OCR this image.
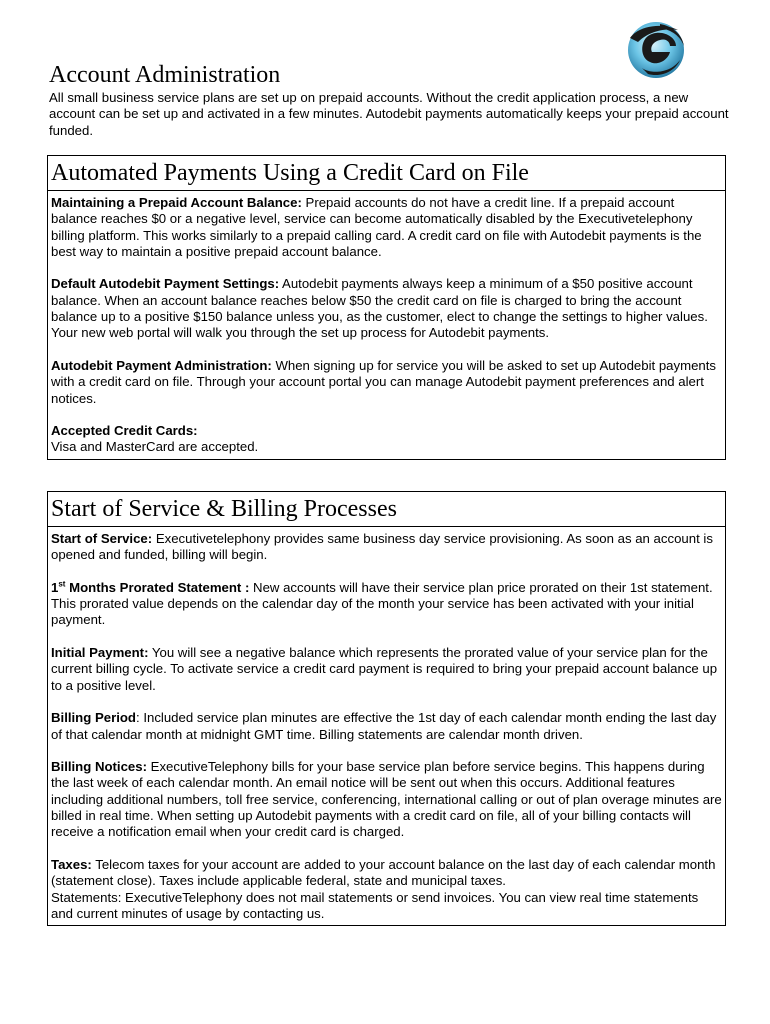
Account Administration

All small business service plans are set up on prepaid accounts. Without the credit application process, a new account can be set up and activated in a few minutes. Autodebit payments automatically keeps your prepaid account funded.

Automated Payments Using a Credit Card on File

Maintaining a Prepaid Account Balance: Prepaid accounts do not have a credit line. If a prepaid account balance reaches $0 or a negative level, service can become automatically disabled by the Executivetelephony billing platform. This works similarly to a prepaid calling card. A credit card on file with Autodebit payments is the best way to maintain a positive prepaid account balance.

Default Autodebit Payment Settings: Autodebit payments always keep a minimum of a $50 positive account balance. When an account balance reaches below $50 the credit card on file is charged to bring the account balance up to a positive $150 balance unless you, as the customer, elect to change the settings to higher values. Your new web portal will walk you through the set up process for Autodebit payments.

Autodebit Payment Administration: When signing up for service you will be asked to set up Autodebit payments with a credit card on file. Through your account portal you can manage Autodebit payment preferences and alert notices.

Accepted Credit Cards:
Visa and MasterCard are accepted.

Start of Service & Billing Processes

Start of Service: Executivetelephony provides same business day service provisioning. As soon as an account is opened and funded, billing will begin.

1st Months Prorated Statement : New accounts will have their service plan price prorated on their 1st statement. This prorated value depends on the calendar day of the month your service has been activated with your initial payment.

Initial Payment: You will see a negative balance which represents the prorated value of your service plan for the current billing cycle. To activate service a credit card payment is required to bring your prepaid account balance up to a positive level.

Billing Period: Included service plan minutes are effective the 1st day of each calendar month ending the last day of that calendar month at midnight GMT time. Billing statements are calendar month driven.

Billing Notices: ExecutiveTelephony bills for your base service plan before service begins. This happens during the last week of each calendar month. An email notice will be sent out when this occurs. Additional features including additional numbers, toll free service, conferencing, international calling or out of plan overage minutes are billed in real time. When setting up Autodebit payments with a credit card on file, all of your billing contacts will receive a notification email when your credit card is charged.

Taxes: Telecom taxes for your account are added to your account balance on the last day of each calendar month (statement close). Taxes include applicable federal, state and municipal taxes.
Statements: ExecutiveTelephony does not mail statements or send invoices. You can view real time statements and current minutes of usage by contacting us.
